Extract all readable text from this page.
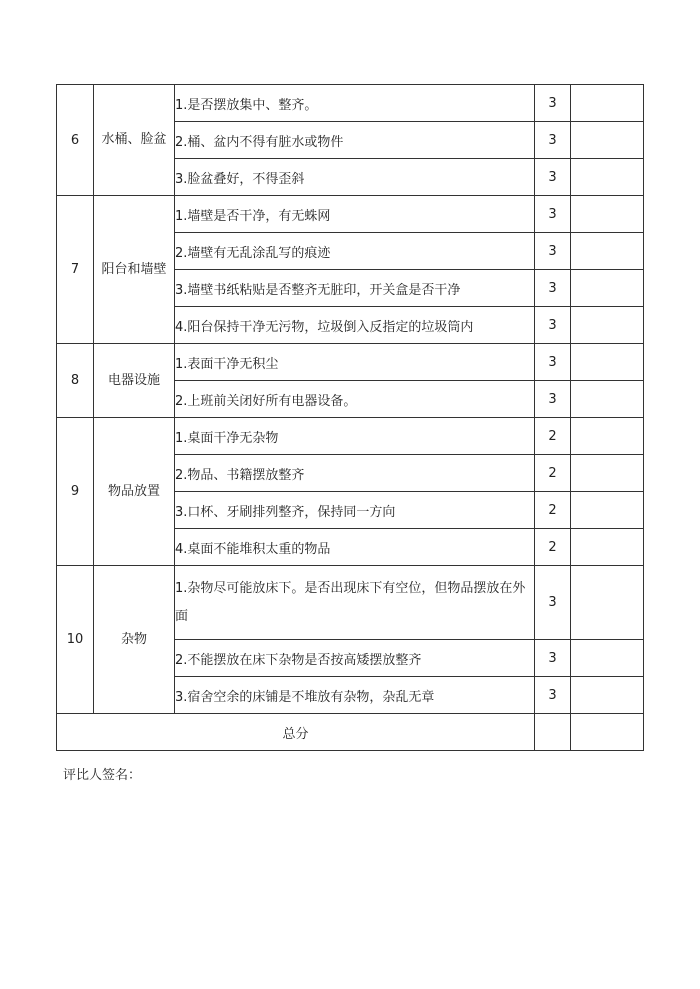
6	水桶、脸盆	1.是否摆放集中、整齐。	3	
		2.桶、盆内不得有脏水或物件	3	
		3.脸盆叠好，不得歪斜	3	
7	阳台和墙壁	1.墙壁是否干净，有无蛛网	3	
		2.墙壁有无乱涂乱写的痕迹	3	
		3.墙壁书纸粘贴是否整齐无脏印，开关盒是否干净	3	
		4.阳台保持干净无污物，垃圾倒入反指定的垃圾筒内	3	
8	电器设施	1.表面干净无积尘	3	
		2.上班前关闭好所有电器设备。	3	
9	物品放置	1.桌面干净无杂物	2	
		2.物品、书籍摆放整齐	2	
		3.口杯、牙刷排列整齐，保持同一方向	2	
		4.桌面不能堆积太重的物品	2	
10	杂物	1.杂物尽可能放床下。是否出现床下有空位，但物品摆放在外面	3	
		2.不能摆放在床下杂物是否按高矮摆放整齐	3	
		3.宿舍空余的床铺是不堆放有杂物，杂乱无章	3	
总分				
评比人签名：
